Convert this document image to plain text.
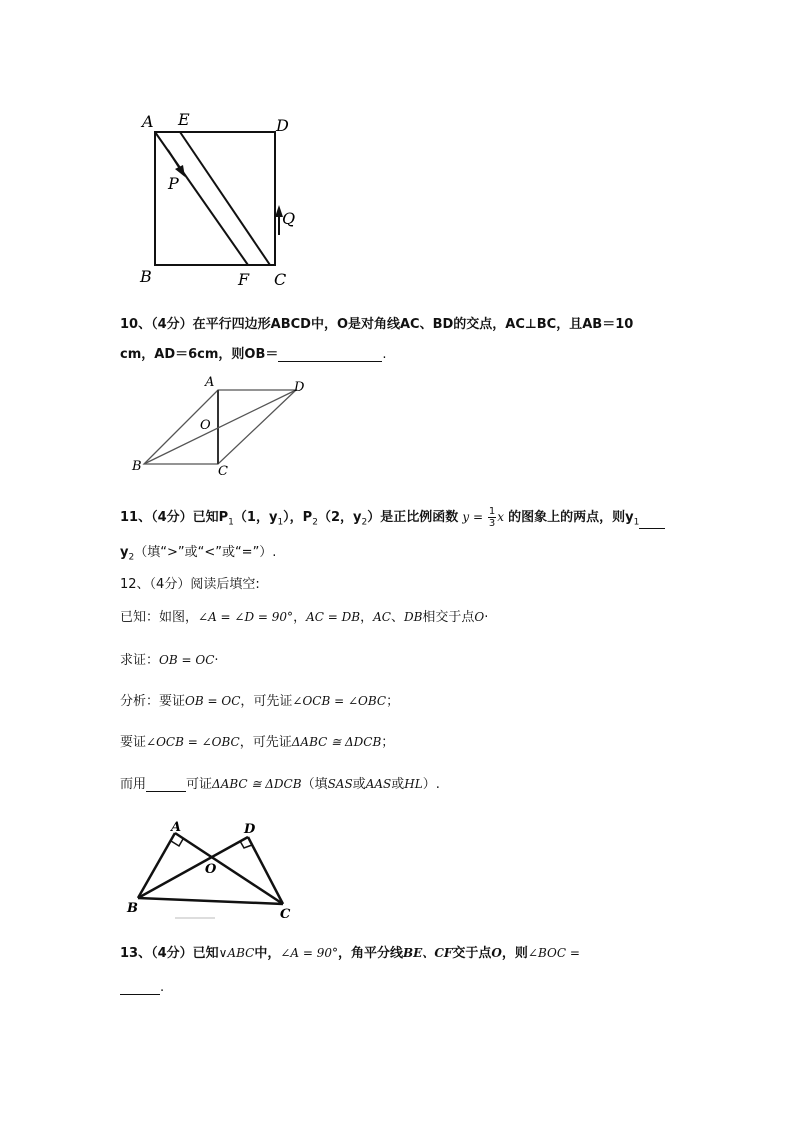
A E	D
P
Q
B	F C
10、（4分）在平行四边形ABCD中，O是对角线AC、BD的交点，AC⊥BC，且AB＝10
cm，AD＝6cm，则OB＝	.
A	D
O
B	C
11、（4分）已知$P_1(1$，$y_1$），$P_2(2$，$y_2$）是正比例函数 $y = \frac{1}{3}$ x 的图象上的两点，则$y_1$
$y_2$（填“>”或“<”或“=”）.
12、（4分）阅读后填空:
已知：如图，∠A = ∠D = 90°，AC = DB，AC、DB相交于点O·
求证：OB = OC·
分析：要证OB = OC，可先证∠OCB = ∠OBC；
要证∠OCB = ∠OBC，可先证ΔABC ≅ ΔDCB；
而用	可证ΔABC ≅ ΔDCB（填SAS或AAS或HL）.
A	D
O
B	C
13、（4分）已知∨ABC中，∠A = 90°，角平分线BE、CF交于点O，则∠BOC =
.
